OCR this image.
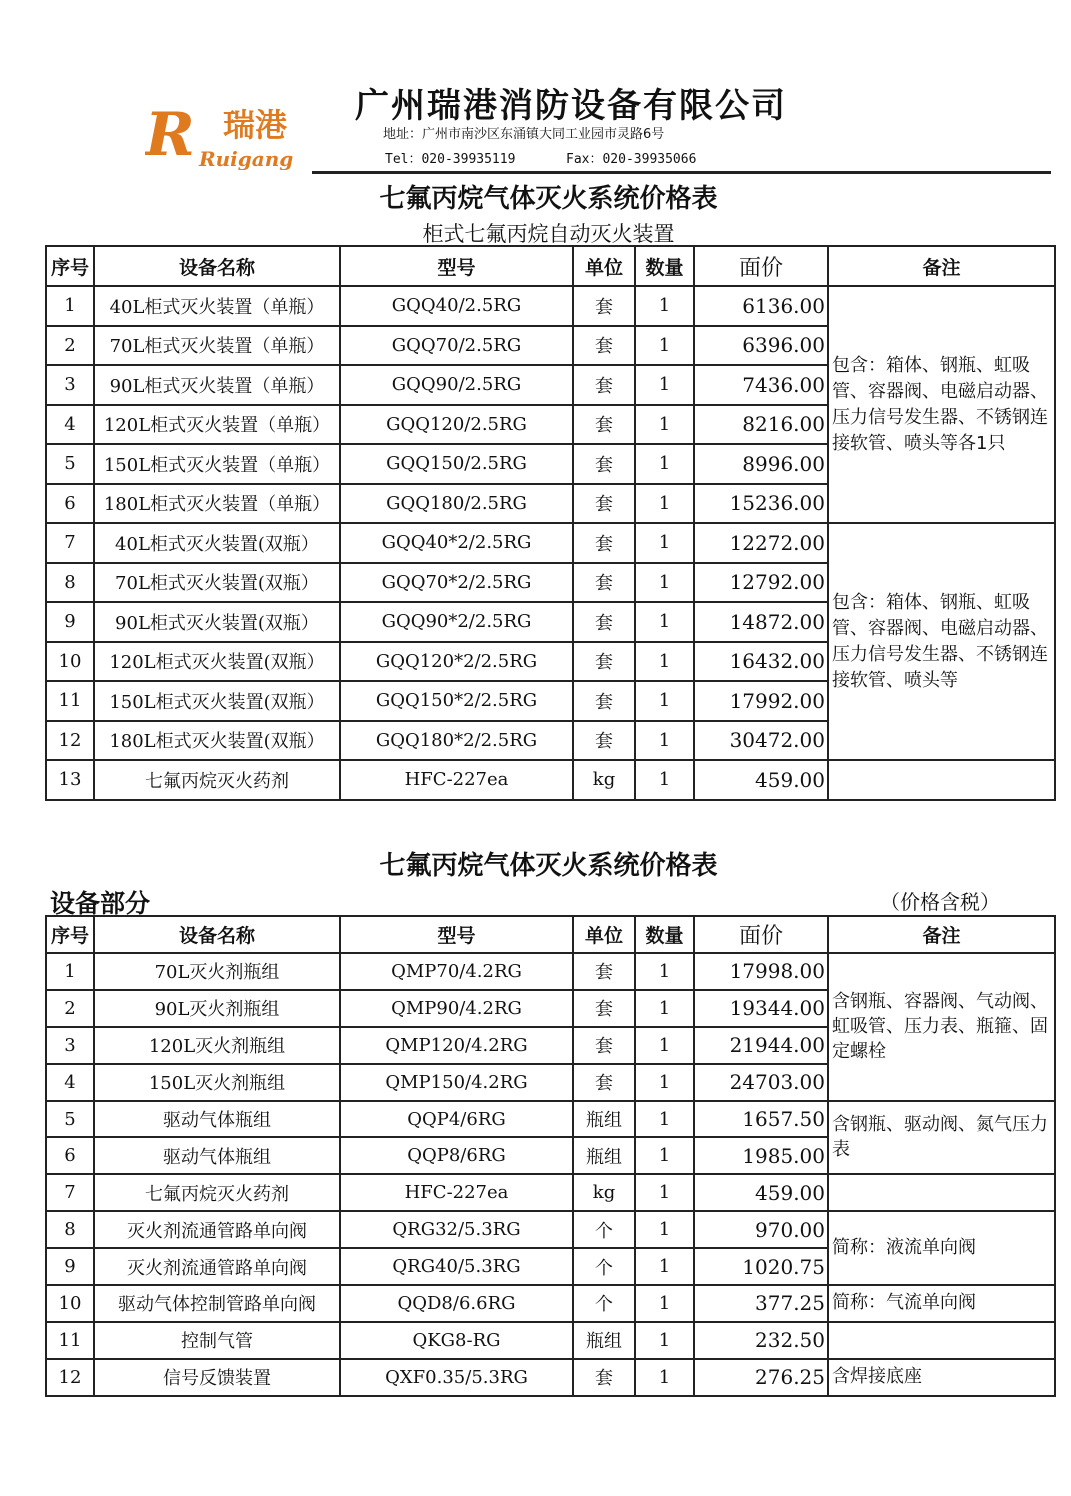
R 瑞港
Ruigang
广州瑞港消防设备有限公司
地址：广州市南沙区东涌镇大同工业园市灵路6号
Tel：020-39935119	Fax：020-39935066
七氟丙烷气体灭火系统价格表
柜式七氟丙烷自动灭火装置
序号	设备名称	型号	单位	数量	面价	备注
1	40L柜式灭火装置（单瓶）	GQQ40/2.5RG	套	1	6136.00	包含：箱体、钢瓶、虹吸管、容器阀、电磁启动器、压力信号发生器、不锈钢连接软管、喷头等各1只
2	70L柜式灭火装置（单瓶）	GQQ70/2.5RG	套	1	6396.00	
3	90L柜式灭火装置（单瓶）	GQQ90/2.5RG	套	1	7436.00	
4	120L柜式灭火装置（单瓶）	GQQ120/2.5RG	套	1	8216.00	
5	150L柜式灭火装置（单瓶）	GQQ150/2.5RG	套	1	8996.00	
6	180L柜式灭火装置（单瓶）	GQQ180/2.5RG	套	1	15236.00	
7	40L柜式灭火装置(双瓶）	GQQ40*2/2.5RG	套	1	12272.00	包含：箱体、钢瓶、虹吸管、容器阀、电磁启动器、压力信号发生器、不锈钢连接软管、喷头等
8	70L柜式灭火装置(双瓶）	GQQ70*2/2.5RG	套	1	12792.00	
9	90L柜式灭火装置(双瓶）	GQQ90*2/2.5RG	套	1	14872.00	
10	120L柜式灭火装置(双瓶）	GQQ120*2/2.5RG	套	1	16432.00	
11	150L柜式灭火装置(双瓶）	GQQ150*2/2.5RG	套	1	17992.00	
12	180L柜式灭火装置(双瓶）	GQQ180*2/2.5RG	套	1	30472.00	
13	七氟丙烷灭火药剂	HFC-227ea	kg	1	459.00	
七氟丙烷气体灭火系统价格表
设备部分	（价格含税）
序号	设备名称	型号	单位	数量	面价	备注
1	70L灭火剂瓶组	QMP70/4.2RG	套	1	17998.00	含钢瓶、容器阀、气动阀、虹吸管、压力表、瓶箍、固定螺栓
2	90L灭火剂瓶组	QMP90/4.2RG	套	1	19344.00	
3	120L灭火剂瓶组	QMP120/4.2RG	套	1	21944.00	
4	150L灭火剂瓶组	QMP150/4.2RG	套	1	24703.00	
5	驱动气体瓶组	QQP4/6RG	瓶组	1	1657.50	含钢瓶、驱动阀、氮气压力表
6	驱动气体瓶组	QQP8/6RG	瓶组	1	1985.00	
7	七氟丙烷灭火药剂	HFC-227ea	kg	1	459.00	
8	灭火剂流通管路单向阀	QRG32/5.3RG	个	1	970.00	简称：液流单向阀
9	灭火剂流通管路单向阀	QRG40/5.3RG	个	1	1020.75	
10	驱动气体控制管路单向阀	QQD8/6.6RG	个	1	377.25	简称：气流单向阀
11	控制气管	QKG8-RG	瓶组	1	232.50	
12	信号反馈装置	QXF0.35/5.3RG	套	1	276.25	含焊接底座
